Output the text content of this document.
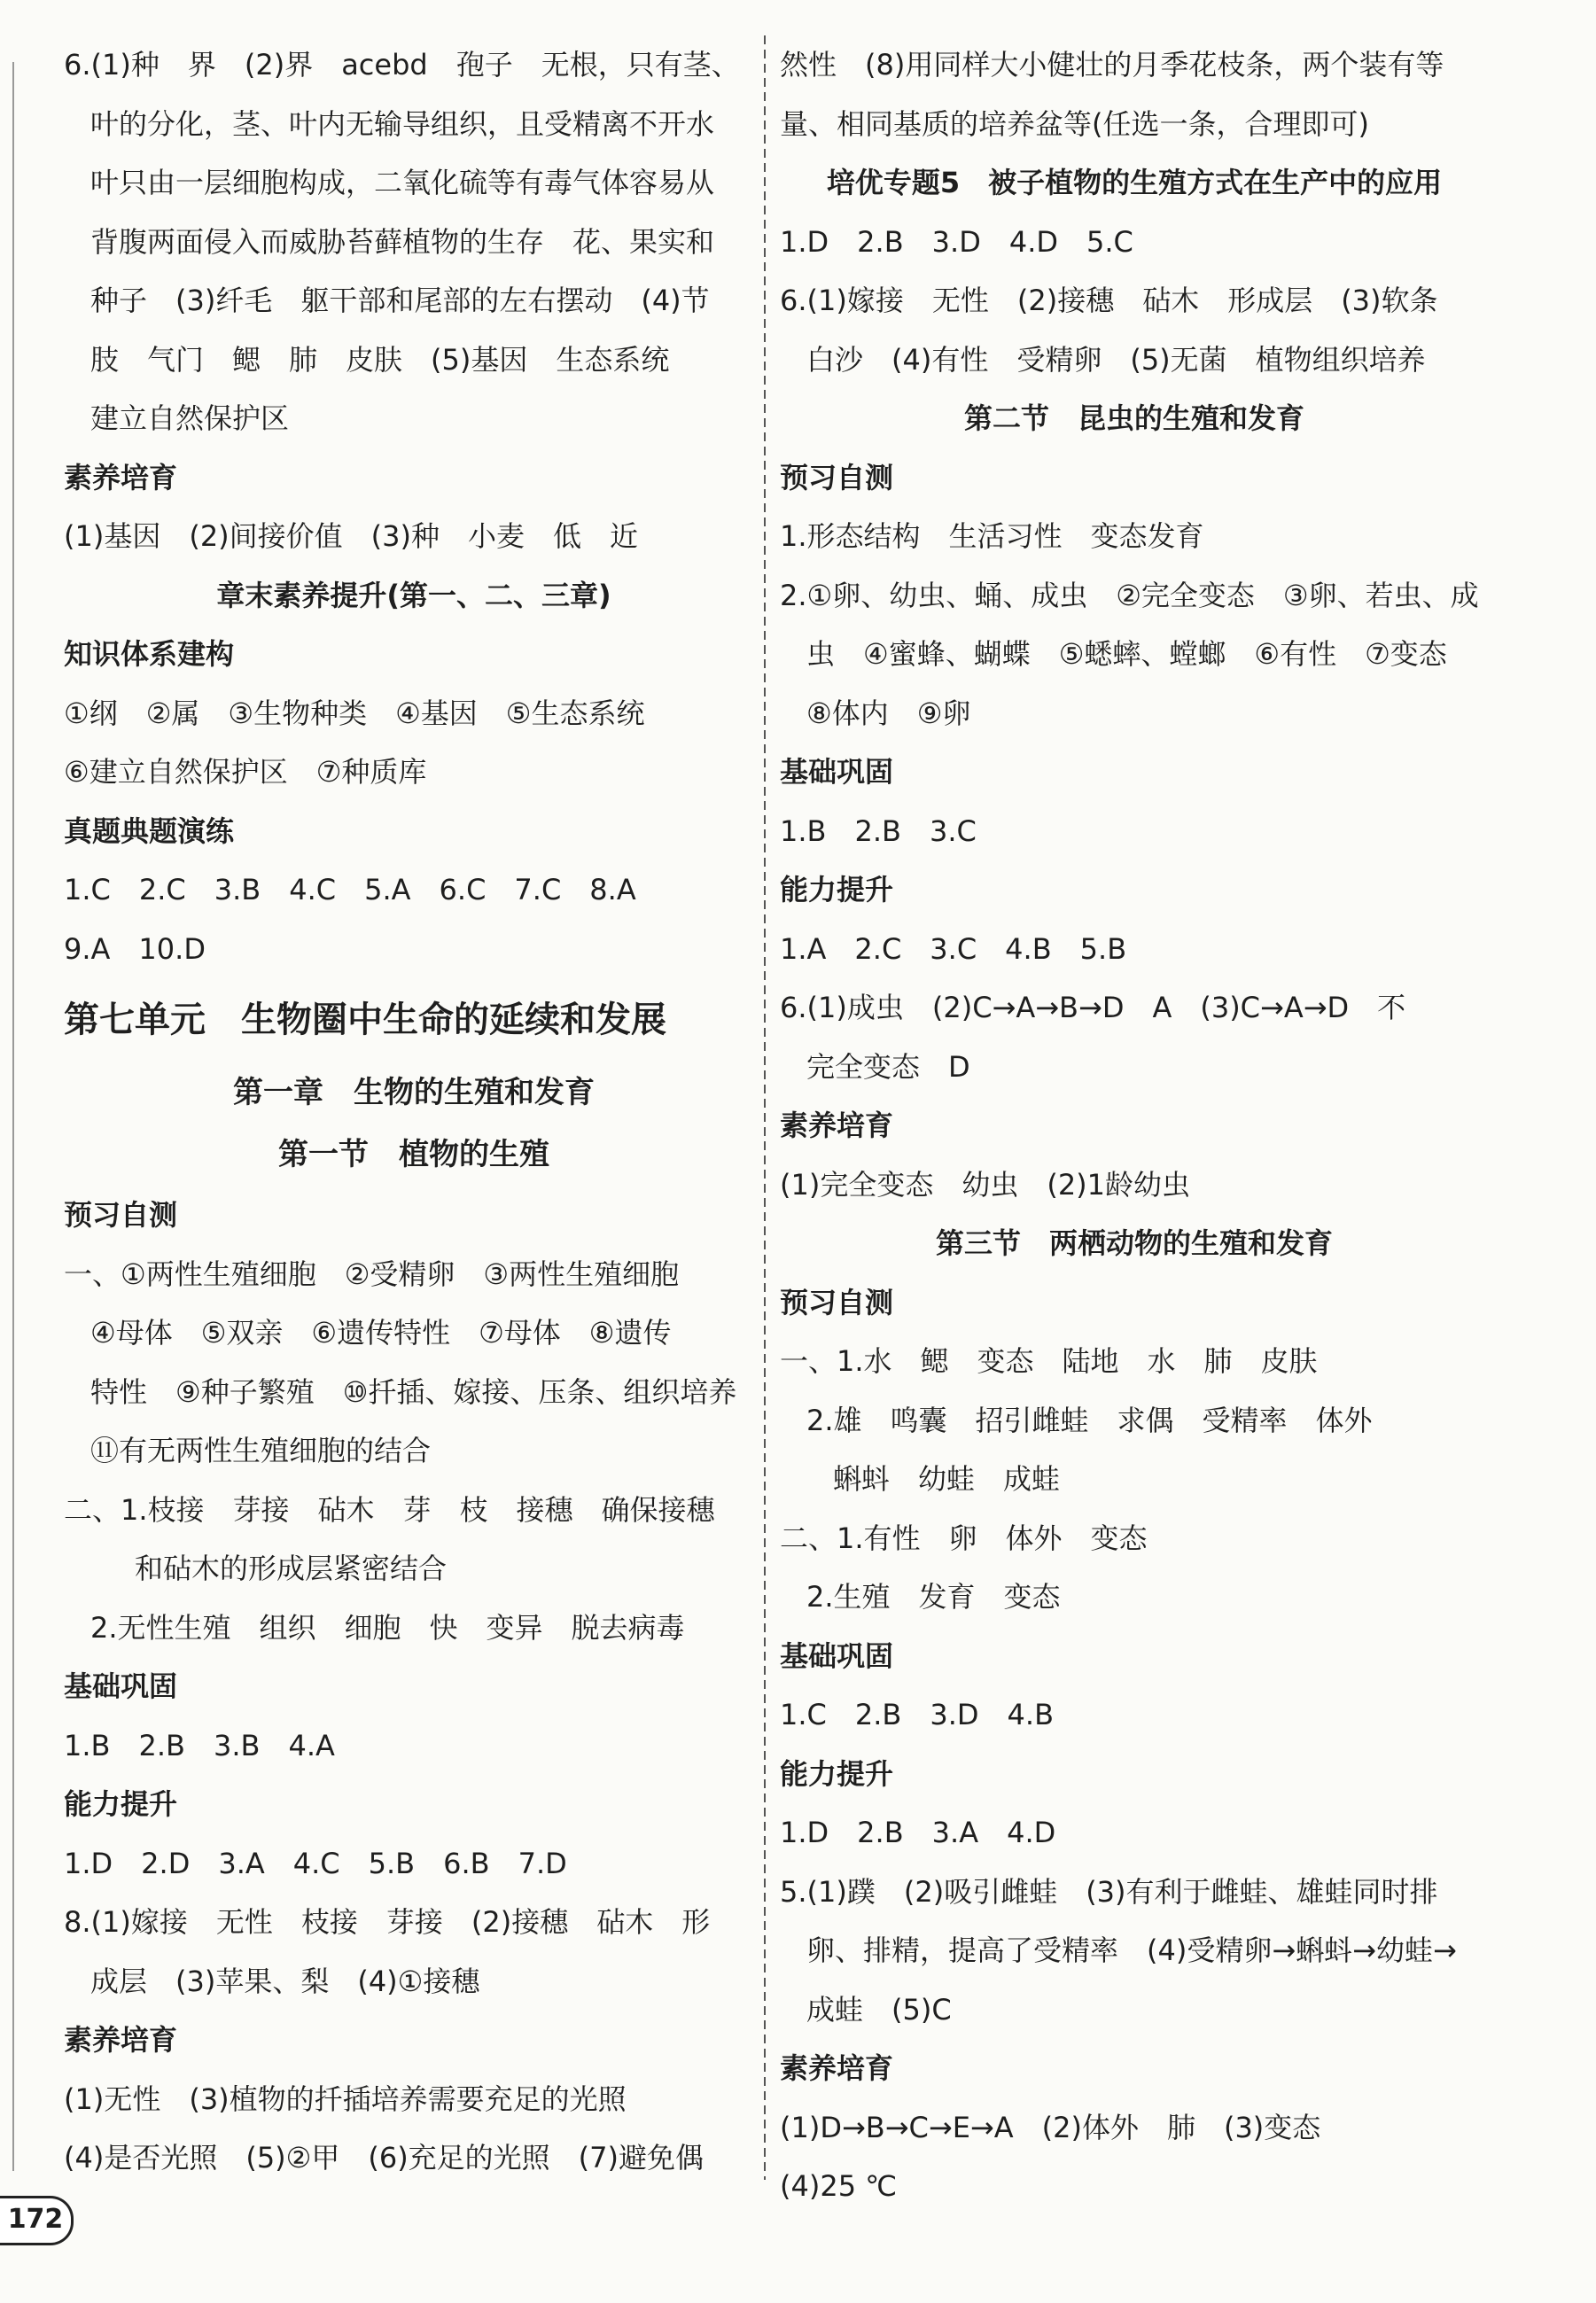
6.(1)种　界　(2)界　acebd　孢子　无根，只有茎、
叶的分化，茎、叶内无输导组织，且受精离不开水
叶只由一层细胞构成，二氧化硫等有毒气体容易从
背腹两面侵入而威胁苔藓植物的生存　花、果实和
种子　(3)纤毛　躯干部和尾部的左右摆动　(4)节
肢　气门　鳃　肺　皮肤　(5)基因　生态系统
建立自然保护区
素养培育
(1)基因　(2)间接价值　(3)种　小麦　低　近
章末素养提升(第一、二、三章)
知识体系建构
①纲　②属　③生物种类　④基因　⑤生态系统
⑥建立自然保护区　⑦种质库
真题典题演练
1.C　2.C　3.B　4.C　5.A　6.C　7.C　8.A
9.A　10.D
第七单元　生物圈中生命的延续和发展
第一章　生物的生殖和发育
第一节　植物的生殖
预习自测
一、①两性生殖细胞　②受精卵　③两性生殖细胞
④母体　⑤双亲　⑥遗传特性　⑦母体　⑧遗传
特性　⑨种子繁殖　⑩扦插、嫁接、压条、组织培养
⑪有无两性生殖细胞的结合
二、1.枝接　芽接　砧木　芽　枝　接穗　确保接穗
和砧木的形成层紧密结合
2.无性生殖　组织　细胞　快　变异　脱去病毒
基础巩固
1.B　2.B　3.B　4.A
能力提升
1.D　2.D　3.A　4.C　5.B　6.B　7.D
8.(1)嫁接　无性　枝接　芽接　(2)接穗　砧木　形
成层　(3)苹果、梨　(4)①接穗
素养培育
(1)无性　(3)植物的扦插培养需要充足的光照
(4)是否光照　(5)②甲　(6)充足的光照　(7)避免偶
然性　(8)用同样大小健壮的月季花枝条，两个装有等
量、相同基质的培养盆等(任选一条，合理即可)
培优专题5　被子植物的生殖方式在生产中的应用
1.D　2.B　3.D　4.D　5.C
6.(1)嫁接　无性　(2)接穗　砧木　形成层　(3)软条
白沙　(4)有性　受精卵　(5)无菌　植物组织培养
第二节　昆虫的生殖和发育
预习自测
1.形态结构　生活习性　变态发育
2.①卵、幼虫、蛹、成虫　②完全变态　③卵、若虫、成
虫　④蜜蜂、蝴蝶　⑤蟋蟀、螳螂　⑥有性　⑦变态
⑧体内　⑨卵
基础巩固
1.B　2.B　3.C
能力提升
1.A　2.C　3.C　4.B　5.B
6.(1)成虫　(2)C→A→B→D　A　(3)C→A→D　不
完全变态　D
素养培育
(1)完全变态　幼虫　(2)1龄幼虫
第三节　两栖动物的生殖和发育
预习自测
一、1.水　鳃　变态　陆地　水　肺　皮肤
2.雄　鸣囊　招引雌蛙　求偶　受精率　体外
蝌蚪　幼蛙　成蛙
二、1.有性　卵　体外　变态
2.生殖　发育　变态
基础巩固
1.C　2.B　3.D　4.B
能力提升
1.D　2.B　3.A　4.D
5.(1)蹼　(2)吸引雌蛙　(3)有利于雌蛙、雄蛙同时排
卵、排精，提高了受精率　(4)受精卵→蝌蚪→幼蛙→
成蛙　(5)C
素养培育
(1)D→B→C→E→A　(2)体外　肺　(3)变态
(4)25 ℃
172
